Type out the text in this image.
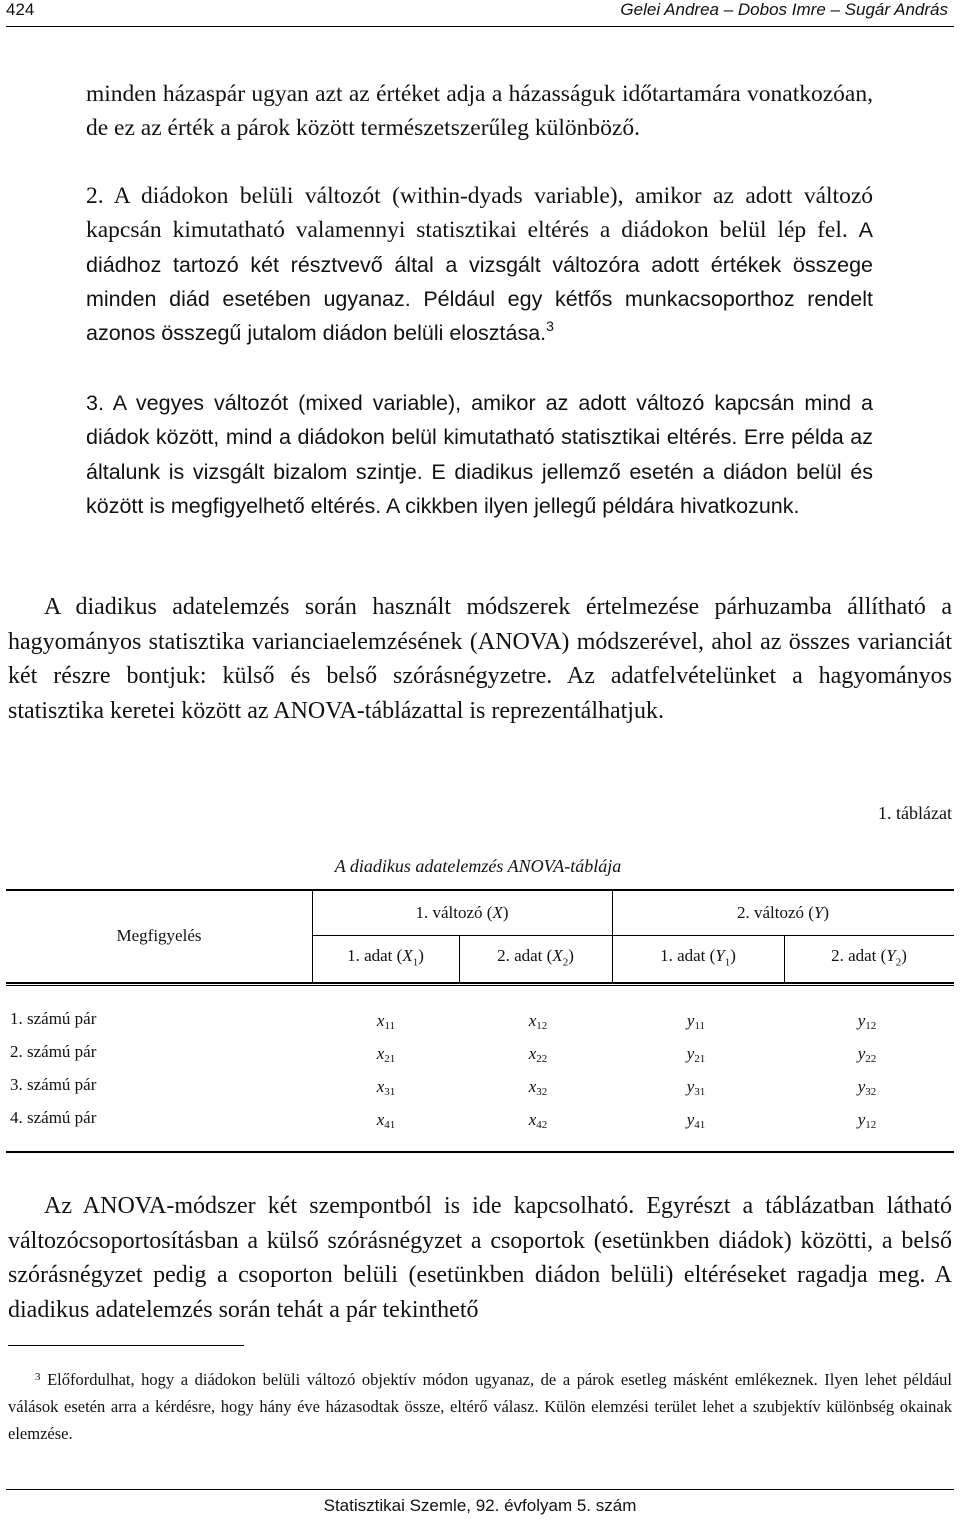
424	Gelei Andrea – Dobos Imre – Sugár András

minden házaspár ugyan azt az értéket adja a házasságuk időtartamára vonatkozóan, de ez az érték a párok között természetszerűleg különböző.

2. A diádokon belüli változót (within-dyads variable), amikor az adott változó kapcsán kimutatható valamennyi statisztikai eltérés a diádokon belül lép fel. A diádhoz tartozó két résztvevő által a vizsgált változóra adott értékek összege minden diád esetében ugyanaz. Például egy kétfős munkacsoporthoz rendelt azonos összegű jutalom diádon belüli elosztása.$^3$

3. A vegyes változót (mixed variable), amikor az adott változó kapcsán mind a diádok között, mind a diádokon belül kimutatható statisztikai eltérés. Erre példa az általunk is vizsgált bizalom szintje. E diadikus jellemző esetén a diádon belül és között is megfigyelhető eltérés. A cikkben ilyen jellegű példára hivatkozunk.

A diadikus adatelemzés során használt módszerek értelmezése párhuzamba állítható a hagyományos statisztika varianciaelemzésének (ANOVA) módszerével, ahol az összes varianciát két részre bontjuk: külső és belső szórásnégyzetre. Az adatfelvételünket a hagyományos statisztika keretei között az ANOVA-táblázattal is reprezentálhatjuk.

1. táblázat
A diadikus adatelemzés ANOVA-táblája
Megfigyelés
1. változó (X)	2. változó (Y)
1. adat $(X_1)$	2. adat $(X_2)$	1. adat $(Y_1)$	2. adat $(Y_2)$
1. számú pár	$x_{11}$	$x_{12}$	$y_{11}$	$y_{12}$
2. számú pár	$x_{21}$	$x_{22}$	$y_{21}$	$y_{22}$
3. számú pár	$x_{31}$	$x_{32}$	$y_{31}$	$y_{32}$
4. számú pár	$x_{41}$	$x_{42}$	$y_{41}$	$y_{12}$

Az ANOVA-módszer két szempontból is ide kapcsolható. Egyrészt a táblázatban látható változócsoportosításban a külső szórásnégyzet a csoportok (esetünkben diádok) közötti, a belső szórásnégyzet pedig a csoporton belüli (esetünkben diádon belüli) eltéréseket ragadja meg. A diadikus adatelemzés során tehát a pár tekinthető

$^3$ Előfordulhat, hogy a diádokon belüli változó objektív módon ugyanaz, de a párok esetleg másként emlékeznek. Ilyen lehet például válások esetén arra a kérdésre, hogy hány éve házasodtak össze, eltérő válasz. Külön elemzési terület lehet a szubjektív különbség okainak elemzése.

Statisztikai Szemle, 92. évfolyam 5. szám
